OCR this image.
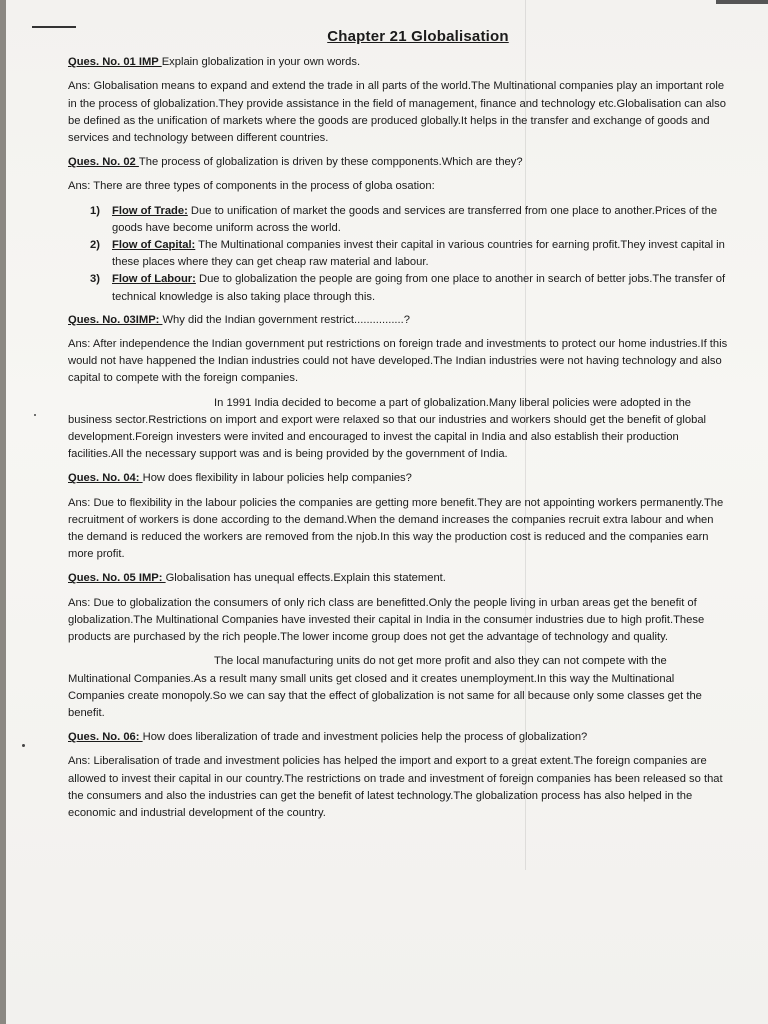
Chapter 21 Globalisation
Ques. No. 01 IMP Explain globalization in your own words.
Ans: Globalisation means to expand and extend the trade in all parts of the world.The Multinational companies play an important role in the process of globalization.They provide assistance in the field of management, finance and technology etc.Globalisation can also be defined as the unification of markets where the goods are produced globally.It helps in the transfer and exchange of goods and services and technology between different countries.
Ques. No. 02 The process of globalization is driven by these compponents.Which are they?
Ans: There are three types of components in the process of globa osation:
1) Flow of Trade: Due to unification of market the goods and services are transferred from one place to another.Prices of the goods have become uniform across the world.
2) Flow of Capital: The Multinational companies invest their capital in various countries for earning profit.They invest capital in these places where they can get cheap raw material and labour.
3) Flow of Labour: Due to globalization the people are going from one place to another in search of better jobs.The transfer of technical knowledge is also taking place through this.
Ques. No. 03IMP: Why did the Indian government restrict................?
Ans: After independence the Indian government put restrictions on foreign trade and investments to protect our home industries.If this would not have happened the Indian industries could not have developed.The Indian industries were not having technology and also capital to compete with the foreign companies.
In 1991 India decided to become a part of globalization.Many liberal policies were adopted in the business sector.Restrictions on import and export were relaxed so that our industries and workers should get the benefit of global development.Foreign investers were invited and encouraged to invest the capital in India and also establish their production facilities.All the necessary support was and is being provided by the government of India.
Ques. No. 04: How does flexibility in labour policies help companies?
Ans: Due to flexibility in the labour policies the companies are getting more benefit.They are not appointing workers permanently.The recruitment of workers is done according to the demand.When the demand increases the companies recruit extra labour and when the demand is reduced the workers are removed from the njob.In this way the production cost is reduced and the companies earn more profit.
Ques. No. 05 IMP: Globalisation has unequal effects.Explain this statement.
Ans: Due to globalization the consumers of only rich class are benefitted.Only the people living in urban areas get the benefit of globalization.The Multinational Companies have invested their capital in India in the consumer industries due to high profit.These products are purchased by the rich people.The lower income group does not get the advantage of technology and quality.
The local manufacturing units do not get more profit and also they can not compete with the Multinational Companies.As a result many small units get closed and it creates unemployment.In this way the Multinational Companies create monopoly.So we can say that the effect of globalization is not same for all because only some classes get the benefit.
Ques. No. 06: How does liberalization of trade and investment policies help the process of globalization?
Ans: Liberalisation of trade and investment policies has helped the import and export to a great extent.The foreign companies are allowed to invest their capital in our country.The restrictions on trade and investment of foreign companies has been released so that the consumers and also the industries can get the benefit of latest technology.The globalization process has also helped in the economic and industrial development of the country.
